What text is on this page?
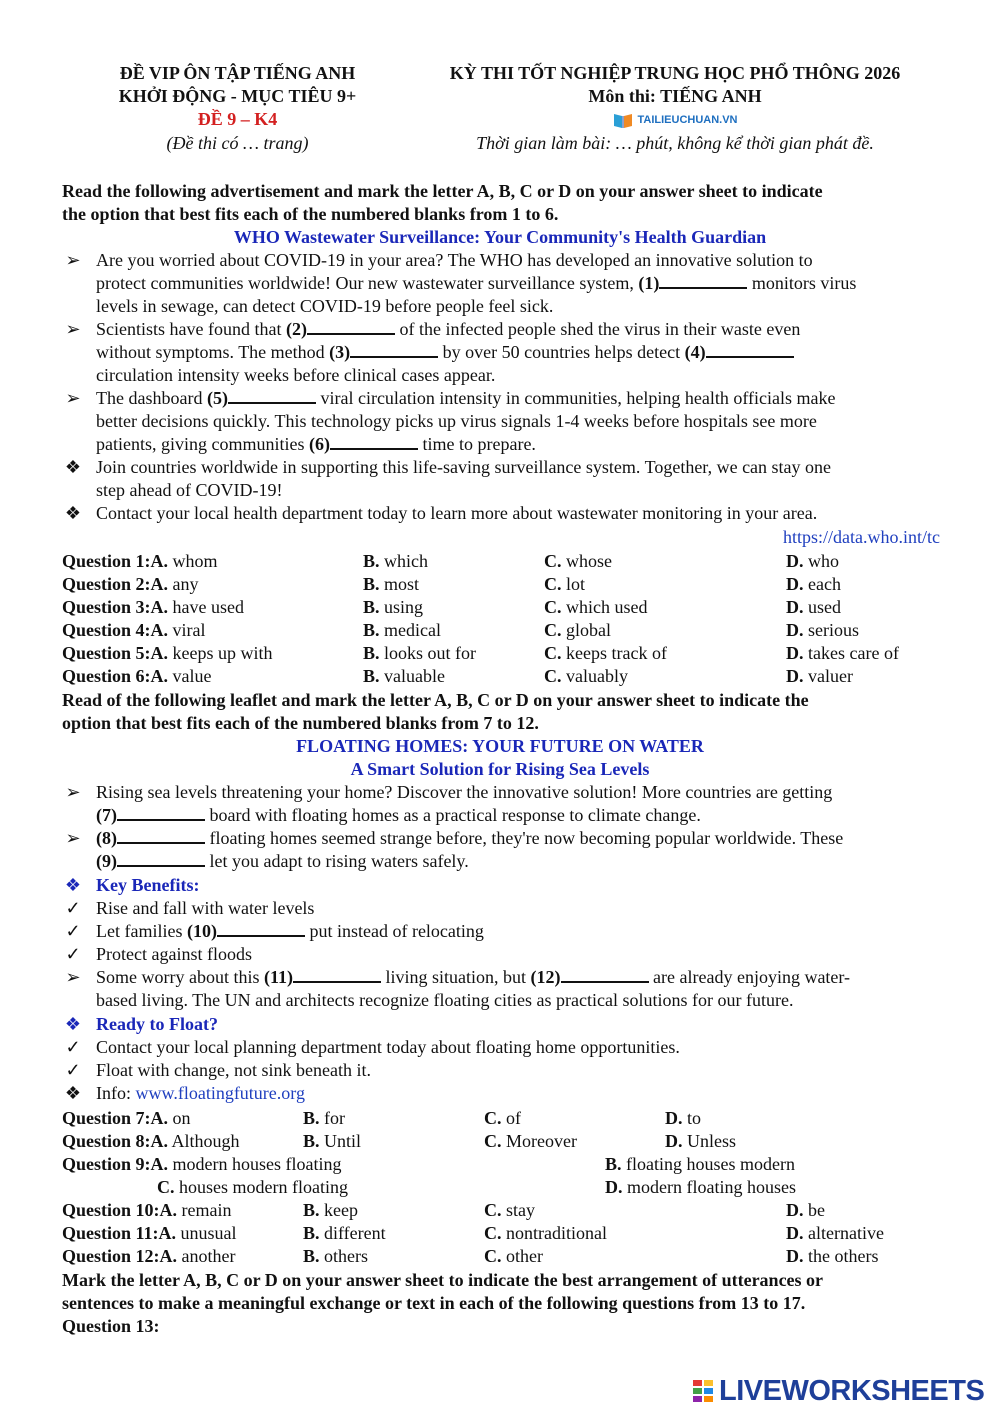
ĐỀ VIP ÔN TẬP TIẾNG ANH
KHỞI ĐỘNG - MỤC TIÊU 9+
ĐỀ 9 – K4
(Đề thi có … trang)
KỲ THI TỐT NGHIỆP TRUNG HỌC PHỔ THÔNG 2026
Môn thi: TIẾNG ANH
TAILIEUCHUAN.VN
Thời gian làm bài: … phút, không kể thời gian phát đề.
Read the following advertisement and mark the letter A, B, C or D on your answer sheet to indicate
the option that best fits each of the numbered blanks from 1 to 6.
WHO Wastewater Surveillance: Your Community's Health Guardian
➢ Are you worried about COVID-19 in your area? The WHO has developed an innovative solution to
protect communities worldwide! Our new wastewater surveillance system, (1)	monitors virus
levels in sewage, can detect COVID-19 before people feel sick.
➢ Scientists have found that (2)	of the infected people shed the virus in their waste even
without symptoms. The method (3)	by over 50 countries helps detect (4)
circulation intensity weeks before clinical cases appear.
➢ The dashboard (5)	viral circulation intensity in communities, helping health officials make
better decisions quickly. This technology picks up virus signals 1-4 weeks before hospitals see more
patients, giving communities (6)	time to prepare.
❖ Join countries worldwide in supporting this life-saving surveillance system. Together, we can stay one
step ahead of COVID-19!
❖ Contact your local health department today to learn more about wastewater monitoring in your area.
https://data.who.int/tc
Question 1:A. whom	B. which	C. whose	D. who
Question 2:A. any	B. most	C. lot	D. each
Question 3:A. have used	B. using	C. which used	D. used
Question 4:A. viral	B. medical	C. global	D. serious
Question 5:A. keeps up with	B. looks out for	C. keeps track of	D. takes care of
Question 6:A. value	B. valuable	C. valuably	D. valuer
Read of the following leaflet and mark the letter A, B, C or D on your answer sheet to indicate the
option that best fits each of the numbered blanks from 7 to 12.
FLOATING HOMES: YOUR FUTURE ON WATER
A Smart Solution for Rising Sea Levels
➢ Rising sea levels threatening your home? Discover the innovative solution! More countries are getting
(7)	board with floating homes as a practical response to climate change.
➢ (8)	floating homes seemed strange before, they're now becoming popular worldwide. These
(9)	let you adapt to rising waters safely.
❖ Key Benefits:
✓ Rise and fall with water levels
✓ Let families (10)	put instead of relocating
✓ Protect against floods
➢ Some worry about this (11)	living situation, but (12)	are already enjoying water-
based living. The UN and architects recognize floating cities as practical solutions for our future.
❖ Ready to Float?
✓ Contact your local planning department today about floating home opportunities.
✓ Float with change, not sink beneath it.
❖ Info: www.floatingfuture.org
Question 7:A. on	B. for	C. of	D. to
Question 8:A. Although	B. Until	C. Moreover	D. Unless
Question 9:A. modern houses floating	B. floating houses modern
C. houses modern floating	D. modern floating houses
Question 10:A. remain	B. keep	C. stay	D. be
Question 11:A. unusual	B. different	C. nontraditional	D. alternative
Question 12:A. another	B. others	C. other	D. the others
Mark the letter A, B, C or D on your answer sheet to indicate the best arrangement of utterances or
sentences to make a meaningful exchange or text in each of the following questions from 13 to 17.
Question 13:
LIVEWORKSHEETS
